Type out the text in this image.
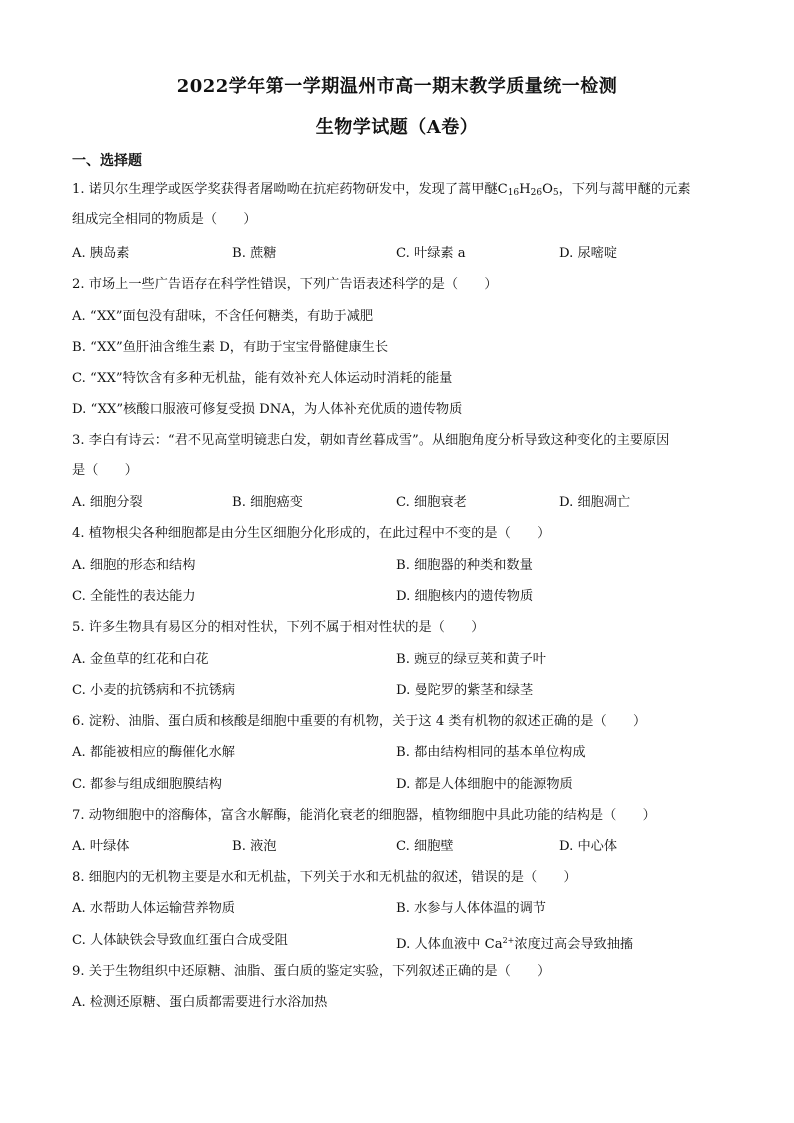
2022学年第一学期温州市高一期末教学质量统一检测
生物学试题（A卷）
一、选择题
1. 诺贝尔生理学或医学奖获得者屠呦呦在抗疟药物研发中，发现了蒿甲醚$C_{16}H_{26}O_5$，下列与蒿甲醚的元素
组成完全相同的物质是（　　）
A. 胰岛素	B. 蔗糖	C. 叶绿素 a	D. 尿嘧啶
2. 市场上一些广告语存在科学性错误，下列广告语表述科学的是（　　）
A. “XX”面包没有甜味，不含任何糖类，有助于减肥
B. “XX”鱼肝油含维生素 D，有助于宝宝骨骼健康生长
C. “XX”特饮含有多种无机盐，能有效补充人体运动时消耗的能量
D. “XX”核酸口服液可修复受损 DNA，为人体补充优质的遗传物质
3. 李白有诗云：“君不见高堂明镜悲白发，朝如青丝暮成雪”。从细胞角度分析导致这种变化的主要原因
是（　　）
A. 细胞分裂	B. 细胞癌变	C. 细胞衰老	D. 细胞凋亡
4. 植物根尖各种细胞都是由分生区细胞分化形成的，在此过程中不变的是（　　）
A. 细胞的形态和结构	B. 细胞器的种类和数量
C. 全能性的表达能力	D. 细胞核内的遗传物质
5. 许多生物具有易区分的相对性状，下列不属于相对性状的是（　　）
A. 金鱼草的红花和白花	B. 豌豆的绿豆荚和黄子叶
C. 小麦的抗锈病和不抗锈病	D. 曼陀罗的紫茎和绿茎
6. 淀粉、油脂、蛋白质和核酸是细胞中重要的有机物，关于这 4 类有机物的叙述正确的是（　　）
A. 都能被相应的酶催化水解	B. 都由结构相同的基本单位构成
C. 都参与组成细胞膜结构	D. 都是人体细胞中的能源物质
7. 动物细胞中的溶酶体，富含水解酶，能消化衰老的细胞器，植物细胞中具此功能的结构是（　　）
A. 叶绿体	B. 液泡	C. 细胞壁	D. 中心体
8. 细胞内的无机物主要是水和无机盐，下列关于水和无机盐的叙述，错误的是（　　）
A. 水帮助人体运输营养物质	B. 水参与人体体温的调节
C. 人体缺铁会导致血红蛋白合成受阻	D. 人体血液中 $Ca^{2+}$浓度过高会导致抽搐
9. 关于生物组织中还原糖、油脂、蛋白质的鉴定实验，下列叙述正确的是（　　）
A. 检测还原糖、蛋白质都需要进行水浴加热
